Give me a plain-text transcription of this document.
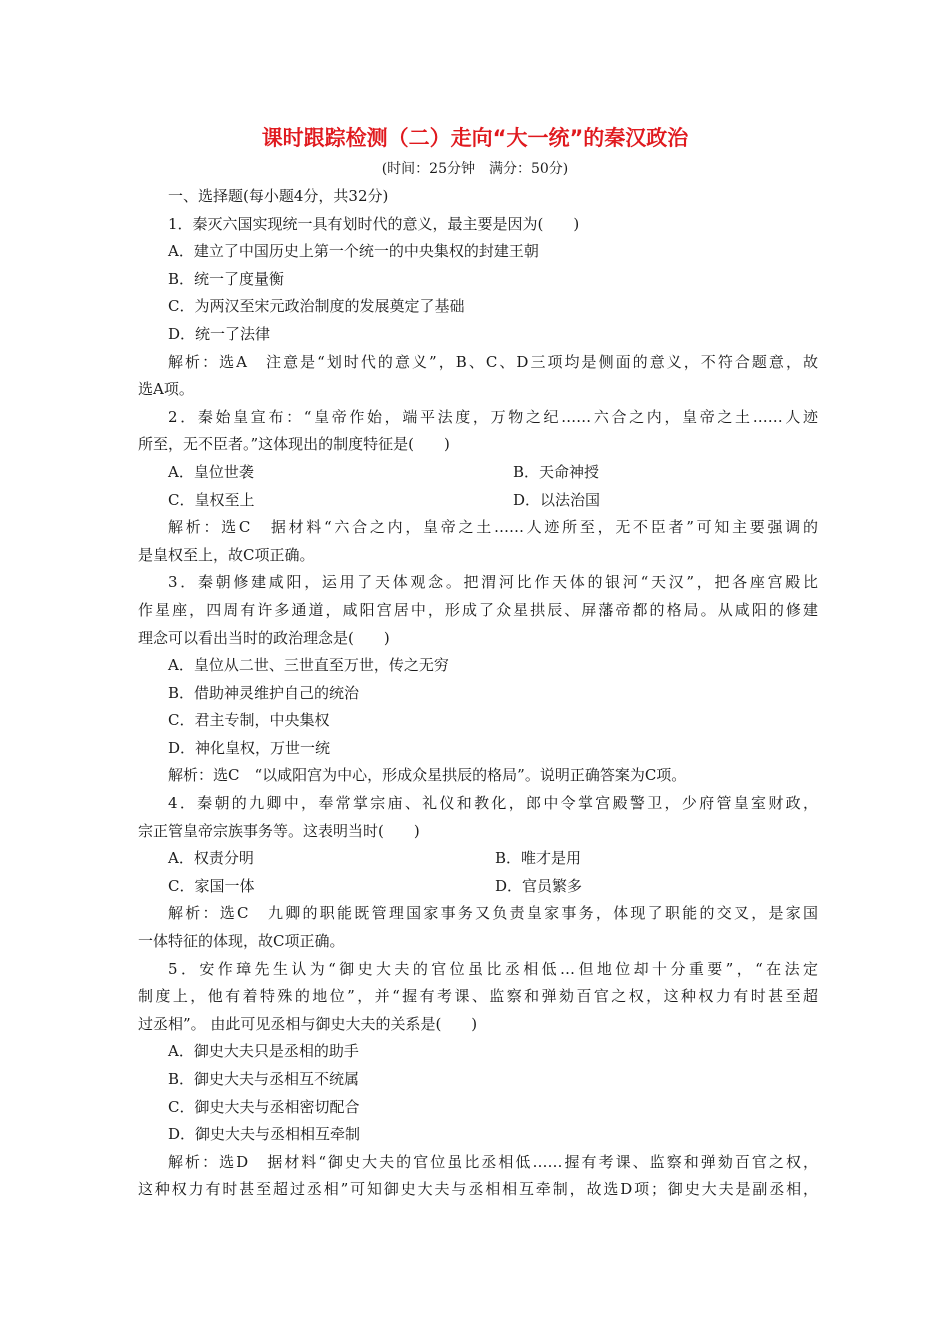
课时跟踪检测（二）走向“大一统”的秦汉政治
(时间：25分钟　满分：50分)
一、选择题(每小题4分，共32分)
1．秦灭六国实现统一具有划时代的意义，最主要是因为(　　)
A．建立了中国历史上第一个统一的中央集权的封建王朝
B．统一了度量衡
C．为两汉至宋元政治制度的发展奠定了基础
D．统一了法律
解析：选A　注意是“划时代的意义”，B、C、D三项均是侧面的意义，不符合题意，故
选A项。
2．秦始皇宣布：“皇帝作始，端平法度，万物之纪……六合之内，皇帝之土……人迹
所至，无不臣者。”这体现出的制度特征是(　　)
A．皇位世袭	B．天命神授
C．皇权至上	D．以法治国
解析：选C　据材料“六合之内，皇帝之土……人迹所至，无不臣者”可知主要强调的
是皇权至上，故C项正确。
3．秦朝修建咸阳，运用了天体观念。把渭河比作天体的银河“天汉”，把各座宫殿比
作星座，四周有许多通道，咸阳宫居中，形成了众星拱辰、屏藩帝都的格局。从咸阳的修建
理念可以看出当时的政治理念是(　　)
A．皇位从二世、三世直至万世，传之无穷
B．借助神灵维护自己的统治
C．君主专制，中央集权
D．神化皇权，万世一统
解析：选C　“以咸阳宫为中心，形成众星拱辰的格局”。说明正确答案为C项。
4．秦朝的九卿中，奉常掌宗庙、礼仪和教化，郎中令掌宫殿警卫，少府管皇室财政，
宗正管皇帝宗族事务等。这表明当时(　　)
A．权责分明	B．唯才是用
C．家国一体	D．官员繁多
解析：选C　九卿的职能既管理国家事务又负责皇家事务，体现了职能的交叉，是家国
一体特征的体现，故C项正确。
5．安作璋先生认为“御史大夫的官位虽比丞相低…但地位却十分重要”，“在法定
制度上，他有着特殊的地位”，并“握有考课、监察和弹劾百官之权，这种权力有时甚至超
过丞相”。 由此可见丞相与御史大夫的关系是(　　)
A．御史大夫只是丞相的助手
B．御史大夫与丞相互不统属
C．御史大夫与丞相密切配合
D．御史大夫与丞相相互牵制
解析：选D　据材料“御史大夫的官位虽比丞相低……握有考课、监察和弹劾百官之权，
这种权力有时甚至超过丞相”可知御史大夫与丞相相互牵制，故选D项；御史大夫是副丞相，
